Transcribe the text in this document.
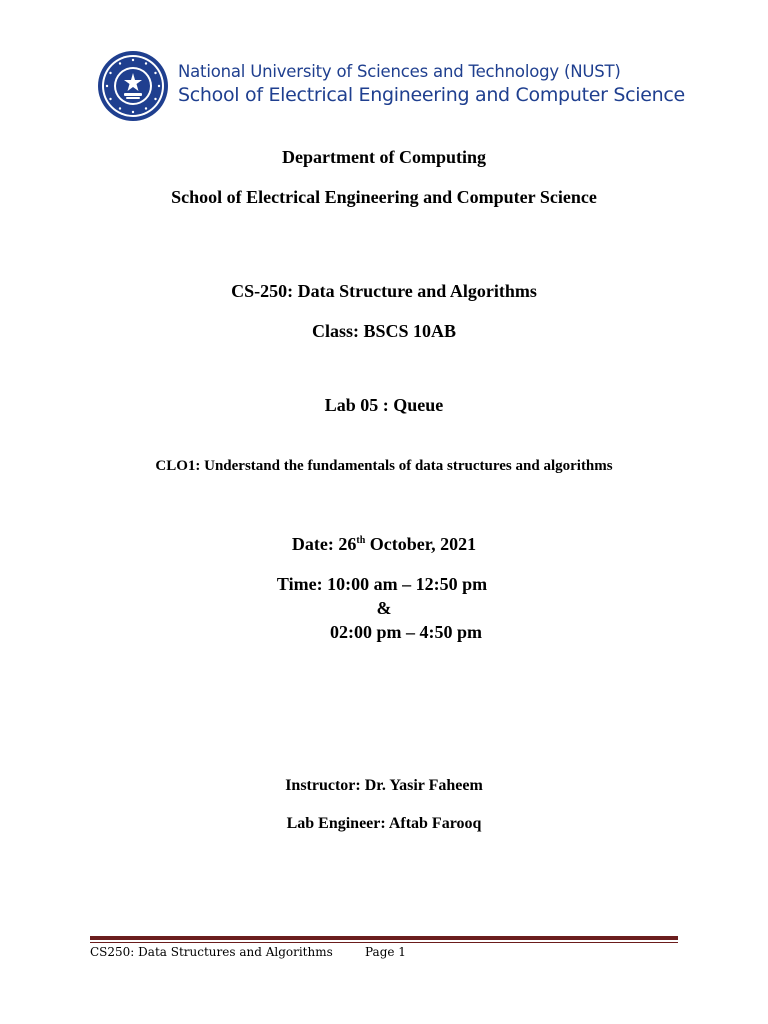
National University of Sciences and Technology (NUST)
School of Electrical Engineering and Computer Science
Department of Computing
School of Electrical Engineering and Computer Science
CS-250: Data Structure and Algorithms
Class: BSCS 10AB
Lab 05 : Queue
CLO1: Understand the fundamentals of data structures and algorithms
Date: 26th October, 2021
Time: 10:00 am – 12:50 pm
&
02:00 pm – 4:50 pm
Instructor: Dr. Yasir Faheem
Lab Engineer: Aftab Farooq
CS250: Data Structures and Algorithms	Page 1
